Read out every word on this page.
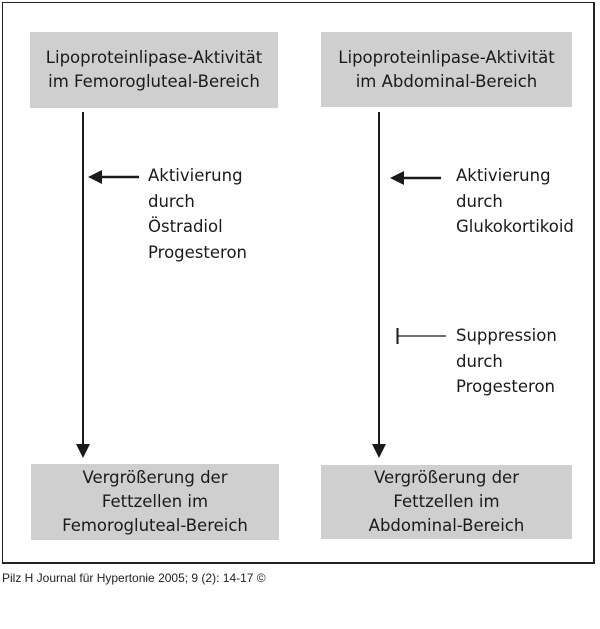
Lipoproteinlipase-Aktivität
im Femorogluteal-Bereich
Aktivierung
durch
Östradiol
Progesteron
Vergrößerung der
Fettzellen im
Femorogluteal-Bereich
Lipoproteinlipase-Aktivität
im Abdominal-Bereich
Aktivierung
durch
Glukokortikoid
Suppression
durch
Progesteron
Vergrößerung der
Fettzellen im
Abdominal-Bereich
Pilz H Journal für Hypertonie 2005; 9 (2): 14-17 ©
